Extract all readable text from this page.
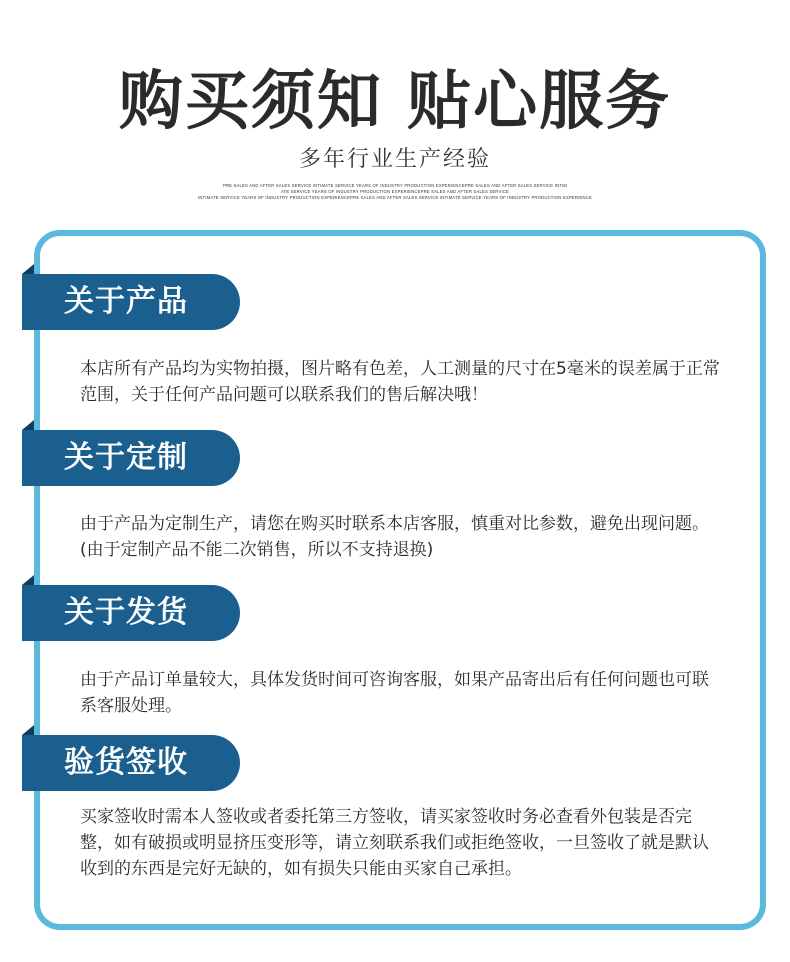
购买须知 贴心服务
多年行业生产经验
PRE SALES AND AFTER SALES SERVICE INTIMATE SERVICE YEARS OF INDUSTRY PRODUCTION EXPERIENCEPRE SALES AND AFTER SALES SERVICE INTIM
ATE SERVICE YEARS OF INDUSTRY PRODUCTION EXPERIENCEPRE SALES AND AFTER SALES SERVICE
INTIMATE SERVICE YEARS OF INDUSTRY PRODUCTION EXPERIENCEPRE SALES AND AFTER SALES SERVICE INTIMATE SERVICE YEARS OF INDUSTRY PRODUCTION EXPERIENCE
关于产品
本店所有产品均为实物拍摄，图片略有色差，人工测量的尺寸在5毫米的误差属于正常范围，关于任何产品问题可以联系我们的售后解决哦！
关于定制
由于产品为定制生产，请您在购买时联系本店客服，慎重对比参数，避免出现问题。(由于定制产品不能二次销售，所以不支持退换)
关于发货
由于产品订单量较大，具体发货时间可咨询客服，如果产品寄出后有任何问题也可联系客服处理。
验货签收
买家签收时需本人签收或者委托第三方签收，请买家签收时务必查看外包装是否完整，如有破损或明显挤压变形等，请立刻联系我们或拒绝签收，一旦签收了就是默认收到的东西是完好无缺的，如有损失只能由买家自己承担。
